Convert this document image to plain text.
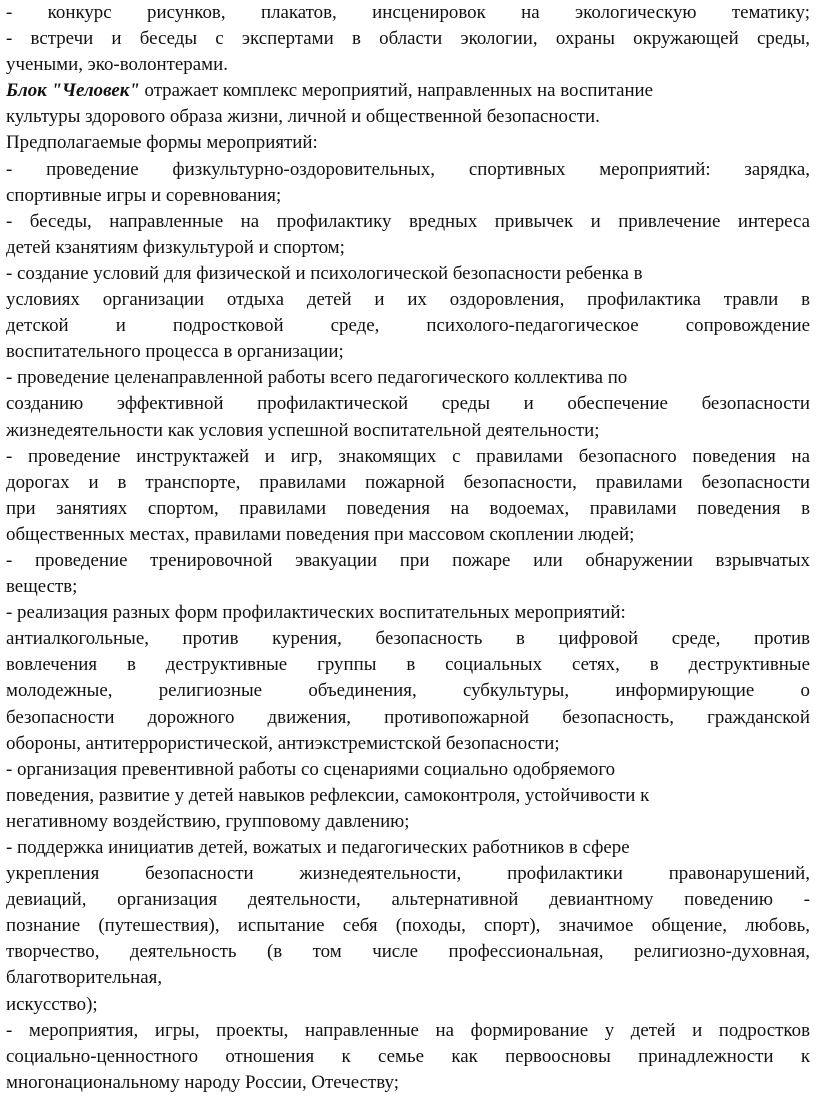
- конкурс рисунков, плакатов, инсценировок на экологическую тематику;
- встречи и беседы с экспертами в области экологии, охраны окружающей среды,
учеными, эко-волонтерами.
Блок "Человек" отражает комплекс мероприятий, направленных на воспитание
культуры здорового образа жизни, личной и общественной безопасности.
Предполагаемые формы мероприятий:
- проведение физкультурно-оздоровительных, спортивных мероприятий: зарядка,
спортивные игры и соревнования;
- беседы, направленные на профилактику вредных привычек и привлечение интереса
детей кзанятиям физкультурой и спортом;
- создание условий для физической и психологической безопасности ребенка в
условиях организации отдыха детей и их оздоровления, профилактика травли в
детской и подростковой среде, психолого-педагогическое сопровождение
воспитательного процесса в организации;
- проведение целенаправленной работы всего педагогического коллектива по
созданию эффективной профилактической среды и обеспечение безопасности
жизнедеятельности как условия успешной воспитательной деятельности;
- проведение инструктажей и игр, знакомящих с правилами безопасного поведения на
дорогах и в транспорте, правилами пожарной безопасности, правилами безопасности
при занятиях спортом, правилами поведения на водоемах, правилами поведения в
общественных местах, правилами поведения при массовом скоплении людей;
- проведение тренировочной эвакуации при пожаре или обнаружении взрывчатых
веществ;
- реализация разных форм профилактических воспитательных мероприятий:
антиалкогольные, против курения, безопасность в цифровой среде, против
вовлечения в деструктивные группы в социальных сетях, в деструктивные
молодежные, религиозные объединения, субкультуры, информирующие о
безопасности дорожного движения, противопожарной безопасность, гражданской
обороны, антитеррористической, антиэкстремистской безопасности;
- организация превентивной работы со сценариями социально одобряемого
поведения, развитие у детей навыков рефлексии, самоконтроля, устойчивости к
негативному воздействию, групповому давлению;
- поддержка инициатив детей, вожатых и педагогических работников в сфере
укрепления безопасности жизнедеятельности, профилактики правонарушений,
девиаций, организация деятельности, альтернативной девиантному поведению -
познание (путешествия), испытание себя (походы, спорт), значимое общение, любовь,
творчество, деятельность (в том числе профессиональная, религиозно-духовная,
благотворительная,
искусство);
- мероприятия, игры, проекты, направленные на формирование у детей и подростков
социально-ценностного отношения к семье как первоосновы принадлежности к
многонациональному народу России, Отечеству;
